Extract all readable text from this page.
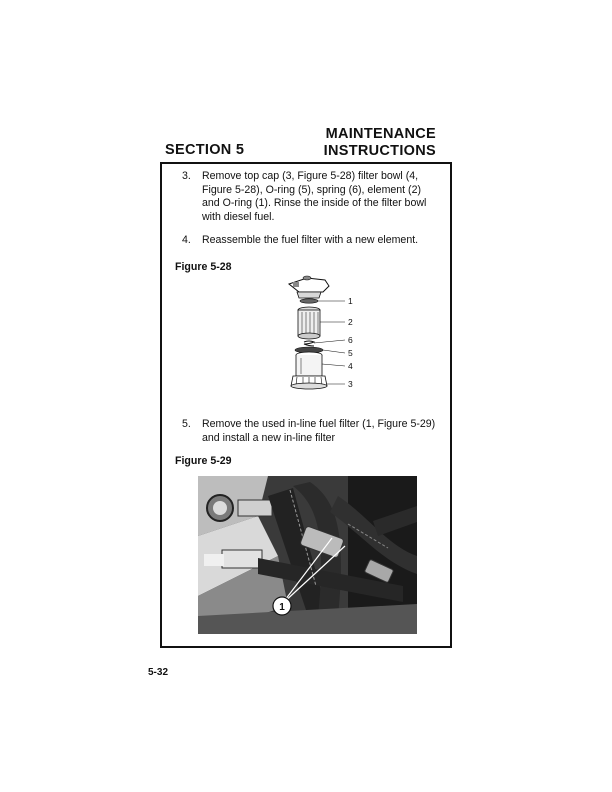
SECTION 5
MAINTENANCE
INSTRUCTIONS
3. Remove top cap (3, Figure 5-28) filter bowl (4,
Figure 5-28), O-ring (5), spring (6), element (2)
and O-ring (1). Rinse the inside of the filter bowl
with diesel fuel.
4. Reassemble the fuel filter with a new element.
Figure 5-28
1
2
6
5
4
3
5. Remove the used in-line fuel filter (1, Figure 5-29)
and install a new in-line filter
Figure 5-29
1
5-32
